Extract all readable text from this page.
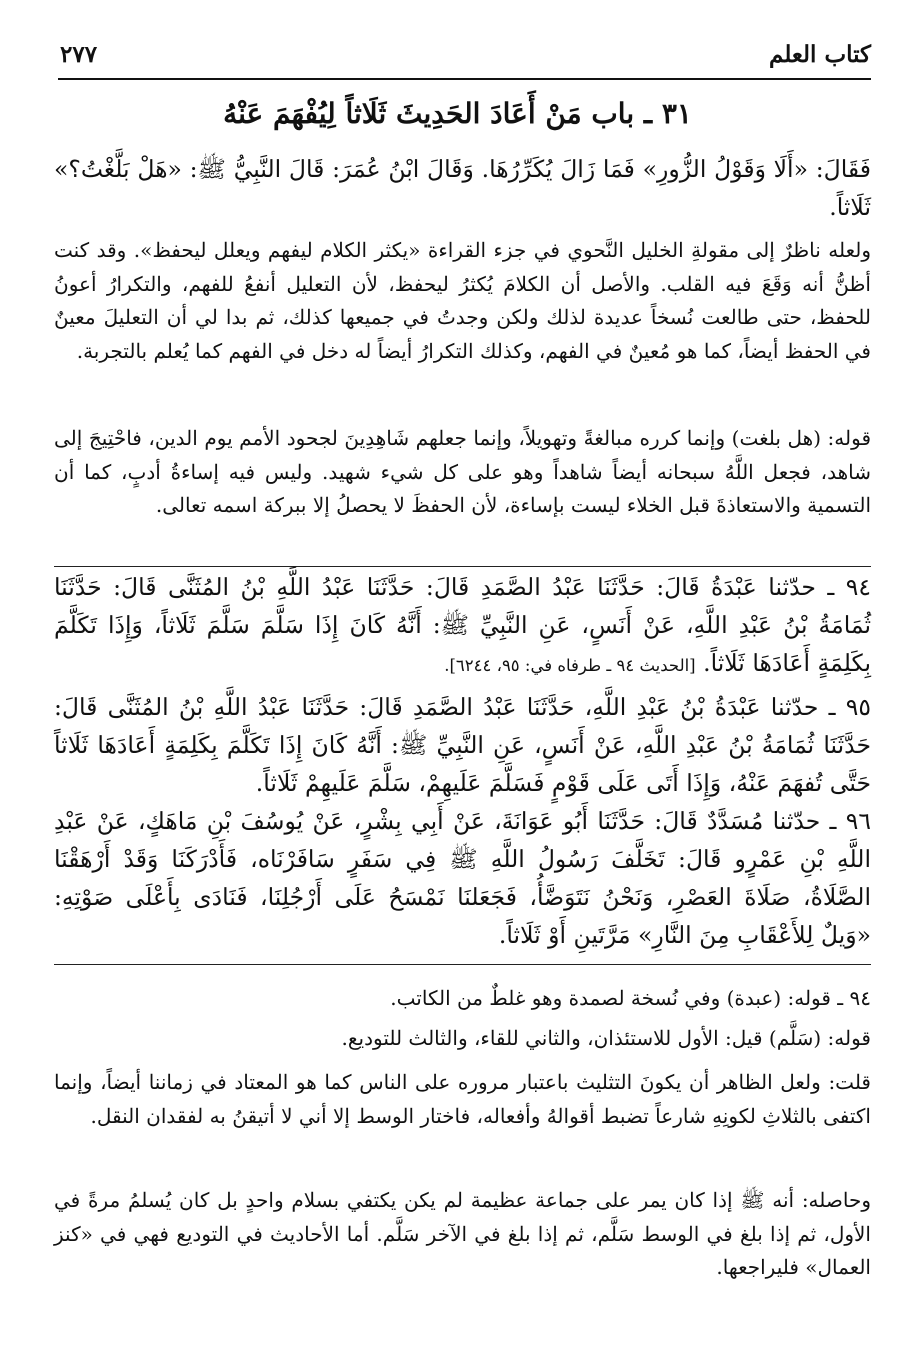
كتاب العلم
٢٧٧
٣١ ـ باب مَنْ أَعَادَ الحَدِيثَ ثَلَاثاً لِيُفْهَمَ عَنْهُ

فَقَالَ: «أَلَا وَقَوْلُ الزُّورِ» فَمَا زَالَ يُكَرِّرُهَا. وَقَالَ ابْنُ عُمَرَ: قَالَ النَّبِيُّ ﷺ: «هَلْ بَلَّغْتُ؟» ثَلَاثاً.

ولعله ناظرٌ إلى مقولةِ الخليل النَّحوي في جزء القراءة «يكثر الكلام ليفهم ويعلل ليحفظ». وقد كنت أظنُّ أنه وَقَعَ فيه القلب. والأصل أن الكلامَ يُكثرُ ليحفظ، لأن التعليل أنفعُ للفهم، والتكرارُ أعونُ للحفظ، حتى طالعت نُسخاً عديدة لذلك ولكن وجدتُ في جميعها كذلك، ثم بدا لي أن التعليلَ معينٌ في الحفظ أيضاً، كما هو مُعينٌ في الفهم، وكذلك التكرارُ أيضاً له دخل في الفهم كما يُعلم بالتجربة.

قوله: (هل بلغت) وإنما كرره مبالغةً وتهويلاً، وإنما جعلهم شَاهِدِينَ لجحود الأمم يوم الدين، فاحْتِيجَ إلى شاهد، فجعل اللَّهُ سبحانه أيضاً شاهداً وهو على كل شيء شهيد. وليس فيه إساءةُ أدبٍ، كما أن التسمية والاستعاذةَ قبل الخلاء ليست بإساءة، لأن الحفظَ لا يحصلُ إلا ببركة اسمه تعالى.

٩٤ ـ حدّثنا عَبْدَةُ قَالَ: حَدَّثَنَا عَبْدُ الصَّمَدِ قَالَ: حَدَّثَنَا عَبْدُ اللَّهِ بْنُ المُثَنَّى قَالَ: حَدَّثَنَا ثُمَامَةُ بْنُ عَبْدِ اللَّهِ، عَنْ أَنَسٍ، عَنِ النَّبِيِّ ﷺ: أَنَّهُ كَانَ إِذَا سَلَّمَ سَلَّمَ ثَلَاثاً، وَإِذَا تَكَلَّمَ بِكَلِمَةٍ أَعَادَهَا ثَلَاثاً. [الحديث ٩٤ ـ طرفاه في: ٩٥، ٦٢٤٤].

٩٥ ـ حدّثنا عَبْدَةُ بْنُ عَبْدِ اللَّهِ، حَدَّثَنَا عَبْدُ الصَّمَدِ قَالَ: حَدَّثَنَا عَبْدُ اللَّهِ بْنُ المُثَنَّى قَالَ: حَدَّثَنَا ثُمَامَةُ بْنُ عَبْدِ اللَّهِ، عَنْ أَنَسٍ، عَنِ النَّبِيِّ ﷺ: أَنَّهُ كَانَ إِذَا تَكَلَّمَ بِكَلِمَةٍ أَعَادَهَا ثَلَاثاً حَتَّى تُفهَمَ عَنْهُ، وَإِذَا أَتَى عَلَى قَوْمٍ فَسَلَّمَ عَلَيهِمْ، سَلَّمَ عَلَيهِمْ ثَلَاثاً.

٩٦ ـ حدّثنا مُسَدَّدٌ قَالَ: حَدَّثَنَا أَبُو عَوَانَةَ، عَنْ أَبِي بِشْرٍ، عَنْ يُوسُفَ بْنِ مَاهَكٍ، عَنْ عَبْدِ اللَّهِ بْنِ عَمْرٍو قَالَ: تَخَلَّفَ رَسُولُ اللَّهِ ﷺ فِي سَفَرٍ سَافَرْنَاه، فَأَدْرَكَنَا وَقَدْ أَرْهَقْنَا الصَّلَاةُ، صَلَاةَ العَصْرِ، وَنَحْنُ نَتَوَضَّأُ، فَجَعَلنَا نَمْسَحُ عَلَى أَرْجُلِنَا، فَنَادَى بِأَعْلَى صَوْتِهِ: «وَيلٌ لِلأَعْقَابِ مِنَ النَّارِ» مَرَّتَينِ أَوْ ثَلَاثاً.

٩٤ ـ قوله: (عبدة) وفي نُسخة لصمدة وهو غلطٌ من الكاتب.

قوله: (سَلَّم) قيل: الأول للاستئذان، والثاني للقاء، والثالث للتوديع.

قلت: ولعل الظاهر أن يكونَ التثليث باعتبار مروره على الناس كما هو المعتاد في زماننا أيضاً، وإنما اكتفى بالثلاثِ لكونِهِ شارعاً تضبط أقوالهُ وأفعاله، فاختار الوسط إلا أني لا أتيقنُ به لفقدان النقل.

وحاصله: أنه ﷺ إذا كان يمر على جماعة عظيمة لم يكن يكتفي بسلام واحدٍ بل كان يُسلمُ مرةً في الأول، ثم إذا بلغ في الوسط سَلَّم، ثم إذا بلغ في الآخر سَلَّم. أما الأحاديث في التوديع فهي في «كنز العمال» فليراجعها.
